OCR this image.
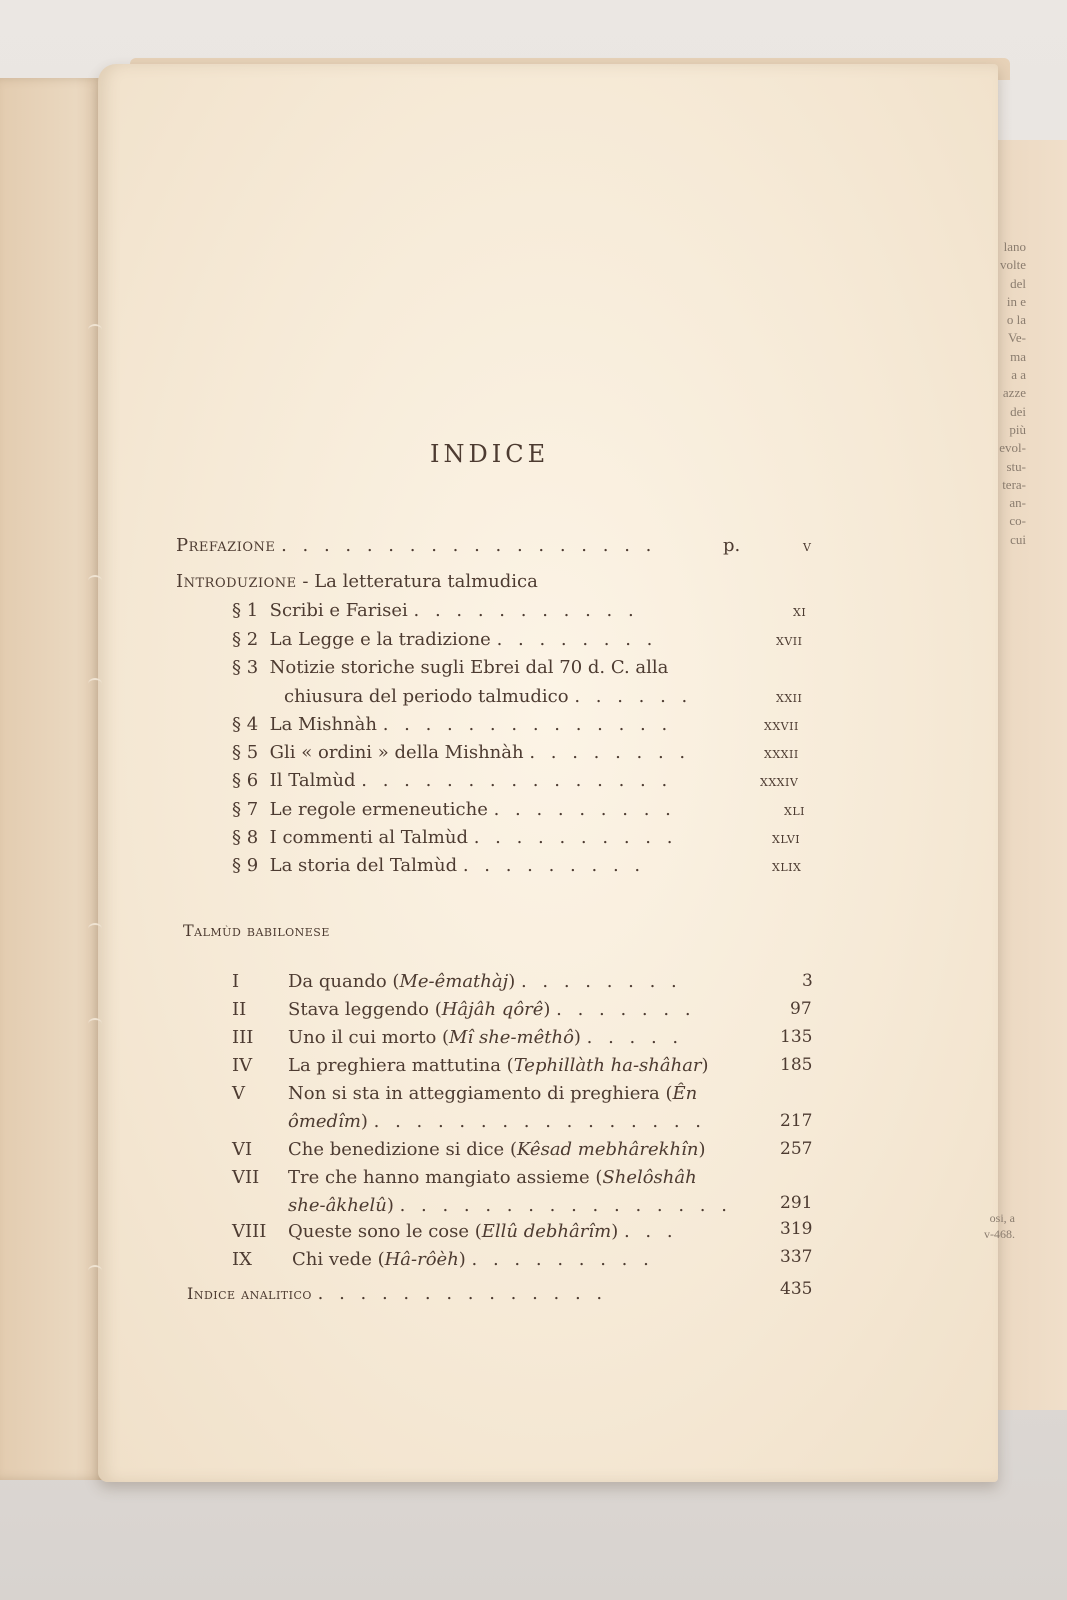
lano
volte
del
in e
o la
Ve-
ma
a a
azze
dei
più
evol-
stu-
tera-
an-
co-
cui
osi, a
v-468.
INDICE
Prefazione . . . . . . . . . . . . . . . . . .	p.	v
Introduzione - La letteratura talmudica
§ 1 Scribi e Farisei . . . . . . . . . . .	xi
§ 2 La Legge e la tradizione . . . . . . . .	xvii
§ 3 Notizie storiche sugli Ebrei dal 70 d. C. alla
chiusura del periodo talmudico . . . . . .	xxii
§ 4 La Mishnàh . . . . . . . . . . . . . .	xxvii
§ 5 Gli « ordini » della Mishnàh . . . . . . . .	xxxii
§ 6 Il Talmùd . . . . . . . . . . . . . . .	xxxiv
§ 7 Le regole ermeneutiche . . . . . . . . .	xli
§ 8 I commenti al Talmùd . . . . . . . . . .	xlvi
§ 9 La storia del Talmùd . . . . . . . . .	xlix
Talmùd babilonese
I	Da quando (Me-êmathàj) . . . . . . . .	3
II Stava leggendo (Hâjâh qôrê) . . . . . . .	97
III Uno il cui morto (Mî she-mêthô) . . . . .	135
IV La preghiera mattutina (Tephillàth ha-shâhar)	185
V Non si sta in atteggiamento di preghiera (Ên
ômedîm) . . . . . . . . . . . . . . . .	217
VI Che benedizione si dice (Kêsad mebhârekhîn)	257
VII Tre che hanno mangiato assieme (Shelôshâh
she-âkhelû) . . . . . . . . . . . . . . . .	291
VIII Queste sono le cose (Ellû debhârîm) . . .	319
IX Chi vede (Hâ-rôèh) . . . . . . . . .	337
Indice analitico . . . . . . . . . . . . . .	435
